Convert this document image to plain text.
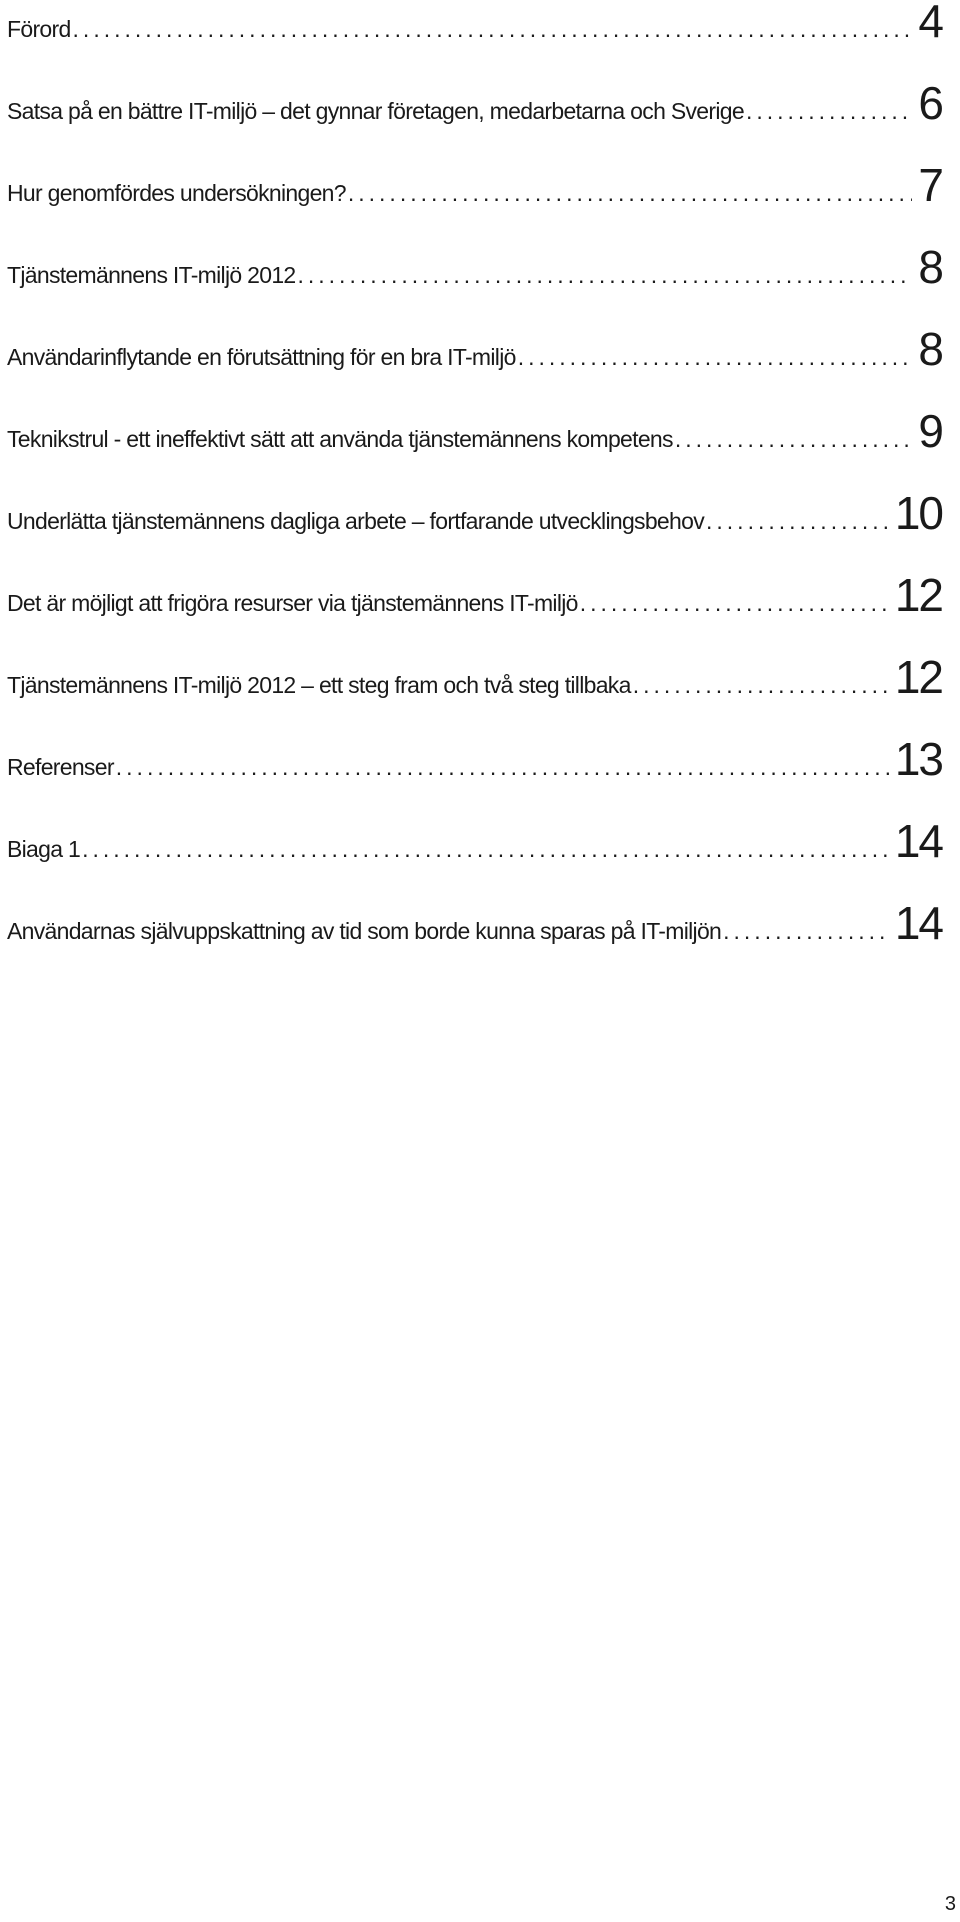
Förord .....	4
Satsa på en bättre IT-miljö – det gynnar företagen, medarbetarna och Sverige .....	6
Hur genomfördes undersökningen? .....	7
Tjänstemännens IT-miljö 2012 .....	8
Användarinflytande en förutsättning för en bra IT-miljö .....	8
Teknikstrul - ett ineffektivt sätt att använda tjänstemännens kompetens .....	9
Underlätta tjänstemännens dagliga arbete – fortfarande utvecklingsbehov .....	10
Det är möjligt att frigöra resurser via tjänstemännens IT-miljö .....	12
Tjänstemännens IT-miljö 2012 – ett steg fram och två steg tillbaka .....	12
Referenser .....	13
Biaga 1 .....	14
Användarnas självuppskattning av tid som borde kunna sparas på IT-miljön .....	14
3
